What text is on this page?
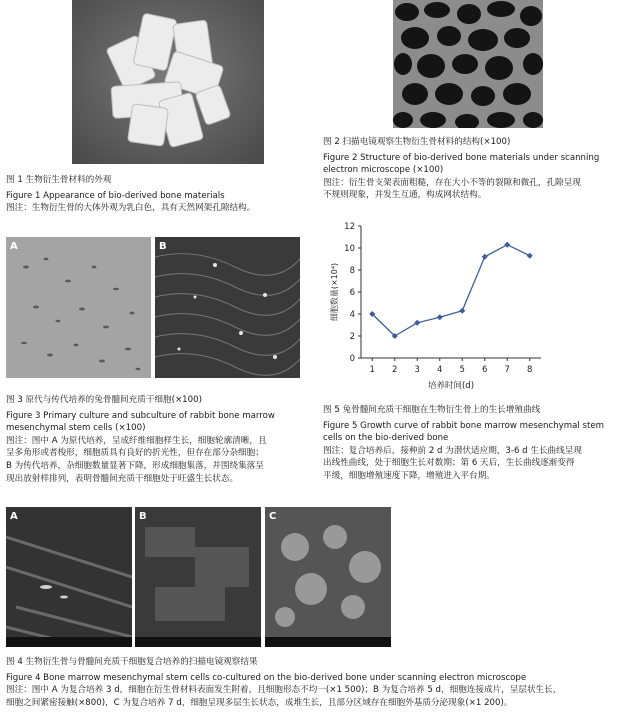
图 1 生物衍生骨材料的外观
Figure 1 Appearance of bio-derived bone materials
图注：生物衍生骨的大体外观为乳白色，具有天然网架孔隙结构。
图 2 扫描电镜观察生物衍生骨材料的结构(×100)
Figure 2 Structure of bio-derived bone materials under scanning
electron microscope (×100)
图注：衍生骨支架表面粗糙，存在大小不等的裂隙和微孔，孔隙呈现
不规则现象，并发生互通，构成网状结构。
A	B
图 3 原代与传代培养的兔骨髓间充质干细胞(×100)
Figure 3 Primary culture and subculture of rabbit bone marrow
mesenchymal stem cells (×100)
图注：图中 A 为原代培养，呈成纤维细胞样生长，细胞轮廓清晰，且
呈多角形或者梭形，细胞质具有良好的折光性，但存在部分杂细胞；
B 为传代培养，杂细胞数量显著下降，形成细胞集落，并围绕集落呈
现出放射样排列，表明骨髓间充质干细胞处于旺盛生长状态。
0
2
4
6
8
10
12
1 2 3 4 5 6 7 8
培养时间(d)
细胞数量(×10⁴)
图 5 兔骨髓间充质干细胞在生物衍生骨上的生长增殖曲线
Figure 5 Growth curve of rabbit bone marrow mesenchymal stem
cells on the bio-derived bone
图注：复合培养后，接种前 2 d 为潜伏适应期，3-6 d 生长曲线呈现
出线性曲线，处于细胞生长对数期；第 6 天后，生长曲线逐渐变得
平缓，细胞增殖速度下降，增殖进入平台期。
A	B	C
图 4 生物衍生骨与骨髓间充质干细胞复合培养的扫描电镜观察结果
Figure 4 Bone marrow mesenchymal stem cells co-cultured on the bio-derived bone under scanning electron microscope
图注：图中 A 为复合培养 3 d，细胞在衍生骨材料表面发生附着，且细胞形态不均一(×1 500)；B 为复合培养 5 d，细胞连接成片，呈层状生长，
细胞之间紧密接触(×800)，C 为复合培养 7 d，细胞呈现多层生长状态，成堆生长，且部分区域存在细胞外基质分泌现象(×1 200)。
